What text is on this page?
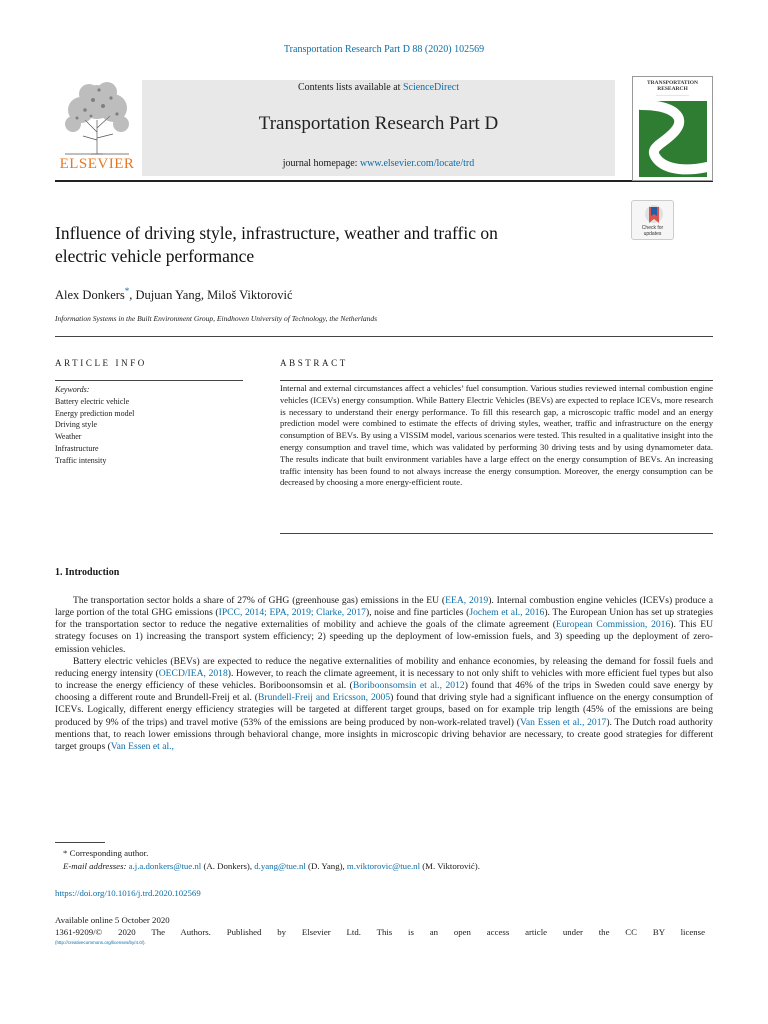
Transportation Research Part D 88 (2020) 102569
ELSEVIER
Contents lists available at ScienceDirect
Transportation Research Part D
journal homepage: www.elsevier.com/locate/trd
TRANSPORTATION
RESEARCH
―――――――――――
Check for
updates
Influence of driving style, infrastructure, weather and traffic on
electric vehicle performance
Alex Donkers*, Dujuan Yang, Miloš Viktorović
Information Systems in the Built Environment Group, Eindhoven University of Technology, the Netherlands
ARTICLE INFO	ABSTRACT
Keywords:
Battery electric vehicle
Energy prediction model
Driving style
Weather
Infrastructure
Traffic intensity
Internal and external circumstances affect a vehicles’ fuel consumption. Various studies reviewed internal combustion engine vehicles (ICEVs) energy consumption. While Battery Electric Vehicles (BEVs) are expected to replace ICEVs, more research is necessary to understand their energy performance. To fill this research gap, a microscopic traffic model and an energy prediction model were combined to estimate the effects of driving styles, weather, traffic and infrastructure on the energy consumption of BEVs. By using a VISSIM model, various scenarios were tested. This resulted in a qualitative insight into the energy consumption and travel time, which was validated by performing 30 driving tests and by using dynamometer data. The results indicate that built environment variables have a large effect on the energy consumption of BEVs. An increasing traffic intensity has been found to not always increase the energy consumption. Moreover, the energy consumption can be decreased by choosing a more energy-efficient route.
1. Introduction

The transportation sector holds a share of 27% of GHG (greenhouse gas) emissions in the EU (EEA, 2019). Internal combustion engine vehicles (ICEVs) produce a large portion of the total GHG emissions (IPCC, 2014; EPA, 2019; Clarke, 2017), noise and fine particles (Jochem et al., 2016). The European Union has set up strategies for the transportation sector to reduce the negative externalities of mobility and achieve the goals of the climate agreement (European Commission, 2016). This EU strategy focuses on 1) increasing the transport system efficiency; 2) speeding up the deployment of low-emission fuels, and 3) speeding up the deployment of zero-emission vehicles.

Battery electric vehicles (BEVs) are expected to reduce the negative externalities of mobility and enhance economies, by releasing the demand for fossil fuels and reducing energy intensity (OECD/IEA, 2018). However, to reach the climate agreement, it is necessary to not only shift to vehicles with more efficient fuel types but also to increase the energy efficiency of these vehicles. Boriboonsomsin et al. (Boriboonsomsin et al., 2012) found that 46% of the trips in Sweden could save energy by choosing a different route and Brundell-Freij et al. (Brundell-Freij and Ericsson, 2005) found that driving style had a significant influence on the energy consumption of ICEVs. Logically, different energy efficiency strategies will be targeted at different target groups, based on for example trip length (45% of the emissions are being produced by 9% of the trips) and travel motive (53% of the emissions are being produced by non-work-related travel) (Van Essen et al., 2017). The Dutch road authority mentions that, to reach lower emissions through behavioral change, more insights in microscopic driving behavior are necessary, to create good strategies for different target groups (Van Essen et al.,

* Corresponding author.
E-mail addresses: a.j.a.donkers@tue.nl (A. Donkers), d.yang@tue.nl (D. Yang), m.viktorovic@tue.nl (M. Viktorović).
https://doi.org/10.1016/j.trd.2020.102569
Available online 5 October 2020
1361-9209/© 2020 The Authors. Published by Elsevier Ltd. This is an open access article under the CC BY license
(http://creativecommons.org/licenses/by/4.0/).
